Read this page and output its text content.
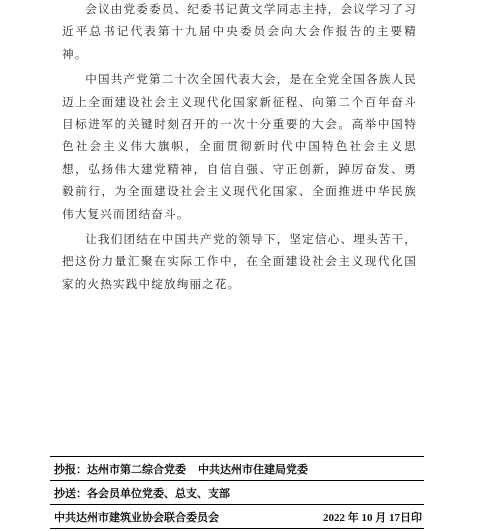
会议由党委委员、纪委书记黄文学同志主持，会议学习了习近平总书记代表第十九届中央委员会向大会作报告的主要精神。

中国共产党第二十次全国代表大会，是在全党全国各族人民迈上全面建设社会主义现代化国家新征程、向第二个百年奋斗目标进军的关键时刻召开的一次十分重要的大会。高举中国特色社会主义伟大旗帜，全面贯彻新时代中国特色社会主义思想，弘扬伟大建党精神，自信自强、守正创新，踔厉奋发、勇毅前行，为全面建设社会主义现代化国家、全面推进中华民族伟大复兴而团结奋斗。

让我们团结在中国共产党的领导下，坚定信心、埋头苦干，把这份力量汇聚在实际工作中，在全面建设社会主义现代化国家的火热实践中绽放绚丽之花。

抄报： 达州市第二综合党委 中共达州市住建局党委
抄送： 各会员单位党委、总支、支部
中共达州市建筑业协会联合委员会	2022 年 10 月 17日印
